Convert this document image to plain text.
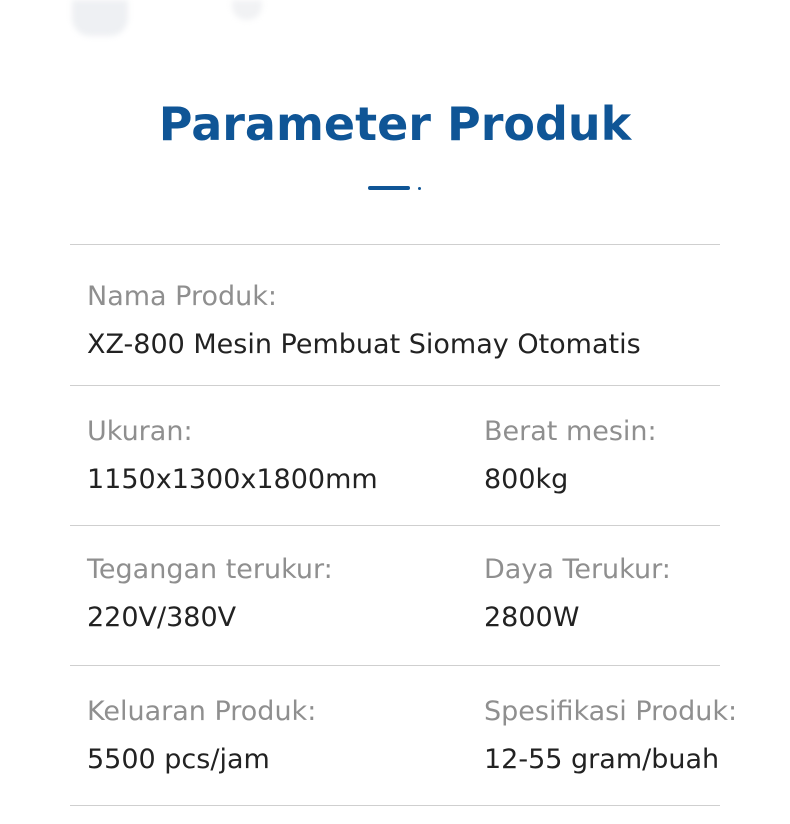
Parameter Produk
Nama Produk:
XZ-800 Mesin Pembuat Siomay Otomatis
Ukuran:
1150x1300x1800mm
Berat mesin:
800kg
Tegangan terukur:
220V/380V
Daya Terukur:
2800W
Keluaran Produk:
5500 pcs/jam
Spesifikasi Produk:
12-55 gram/buah
